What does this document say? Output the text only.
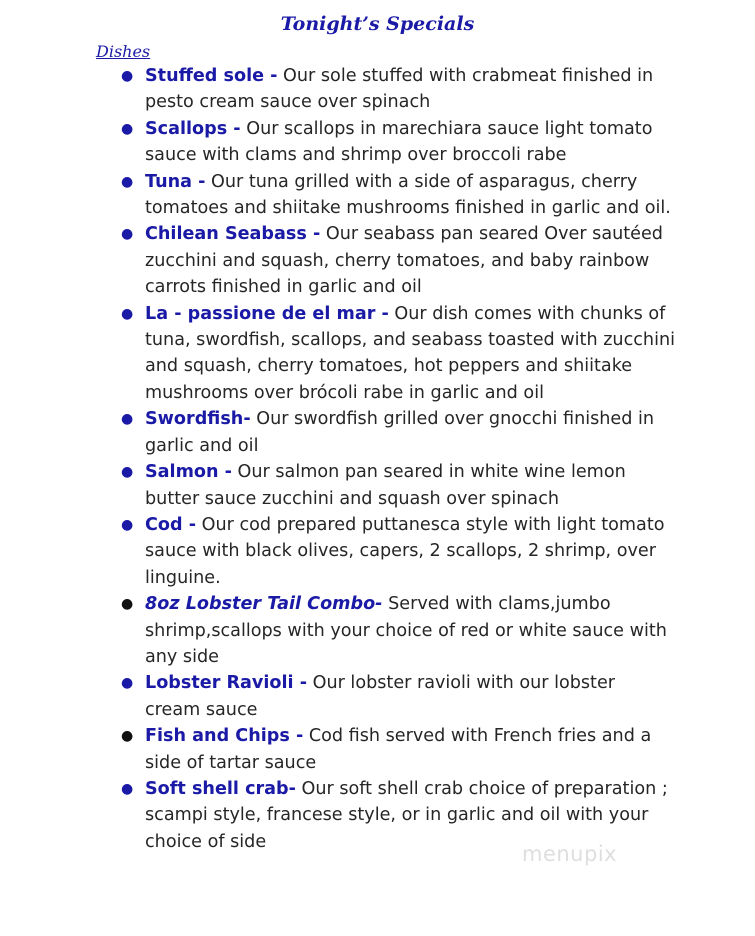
Tonight’s Specials
Dishes
● Stuffed sole - Our sole stuffed with crabmeat finished in pesto cream sauce over spinach
● Scallops - Our scallops in marechiara sauce light tomato sauce with clams and shrimp over broccoli rabe
● Tuna - Our tuna grilled with a side of asparagus, cherry tomatoes and shiitake mushrooms finished in garlic and oil.
● Chilean Seabass - Our seabass pan seared Over sautéed zucchini and squash, cherry tomatoes, and baby rainbow carrots finished in garlic and oil
● La - passione de el mar - Our dish comes with chunks of tuna, swordfish, scallops, and seabass toasted with zucchini and squash, cherry tomatoes, hot peppers and shiitake mushrooms over brócoli rabe in garlic and oil
● Swordfish- Our swordfish grilled over gnocchi finished in garlic and oil
● Salmon - Our salmon pan seared in white wine lemon butter sauce zucchini and squash over spinach
● Cod - Our cod prepared puttanesca style with light tomato sauce with black olives, capers, 2 scallops, 2 shrimp, over linguine.
● 8oz Lobster Tail Combo- Served with clams,jumbo shrimp,scallops with your choice of red or white sauce with any side
● Lobster Ravioli - Our lobster ravioli with our lobster cream sauce
● Fish and Chips - Cod fish served with French fries and a side of tartar sauce
● Soft shell crab- Our soft shell crab choice of preparation ; scampi style, francese style, or in garlic and oil with your choice of side
menupix
